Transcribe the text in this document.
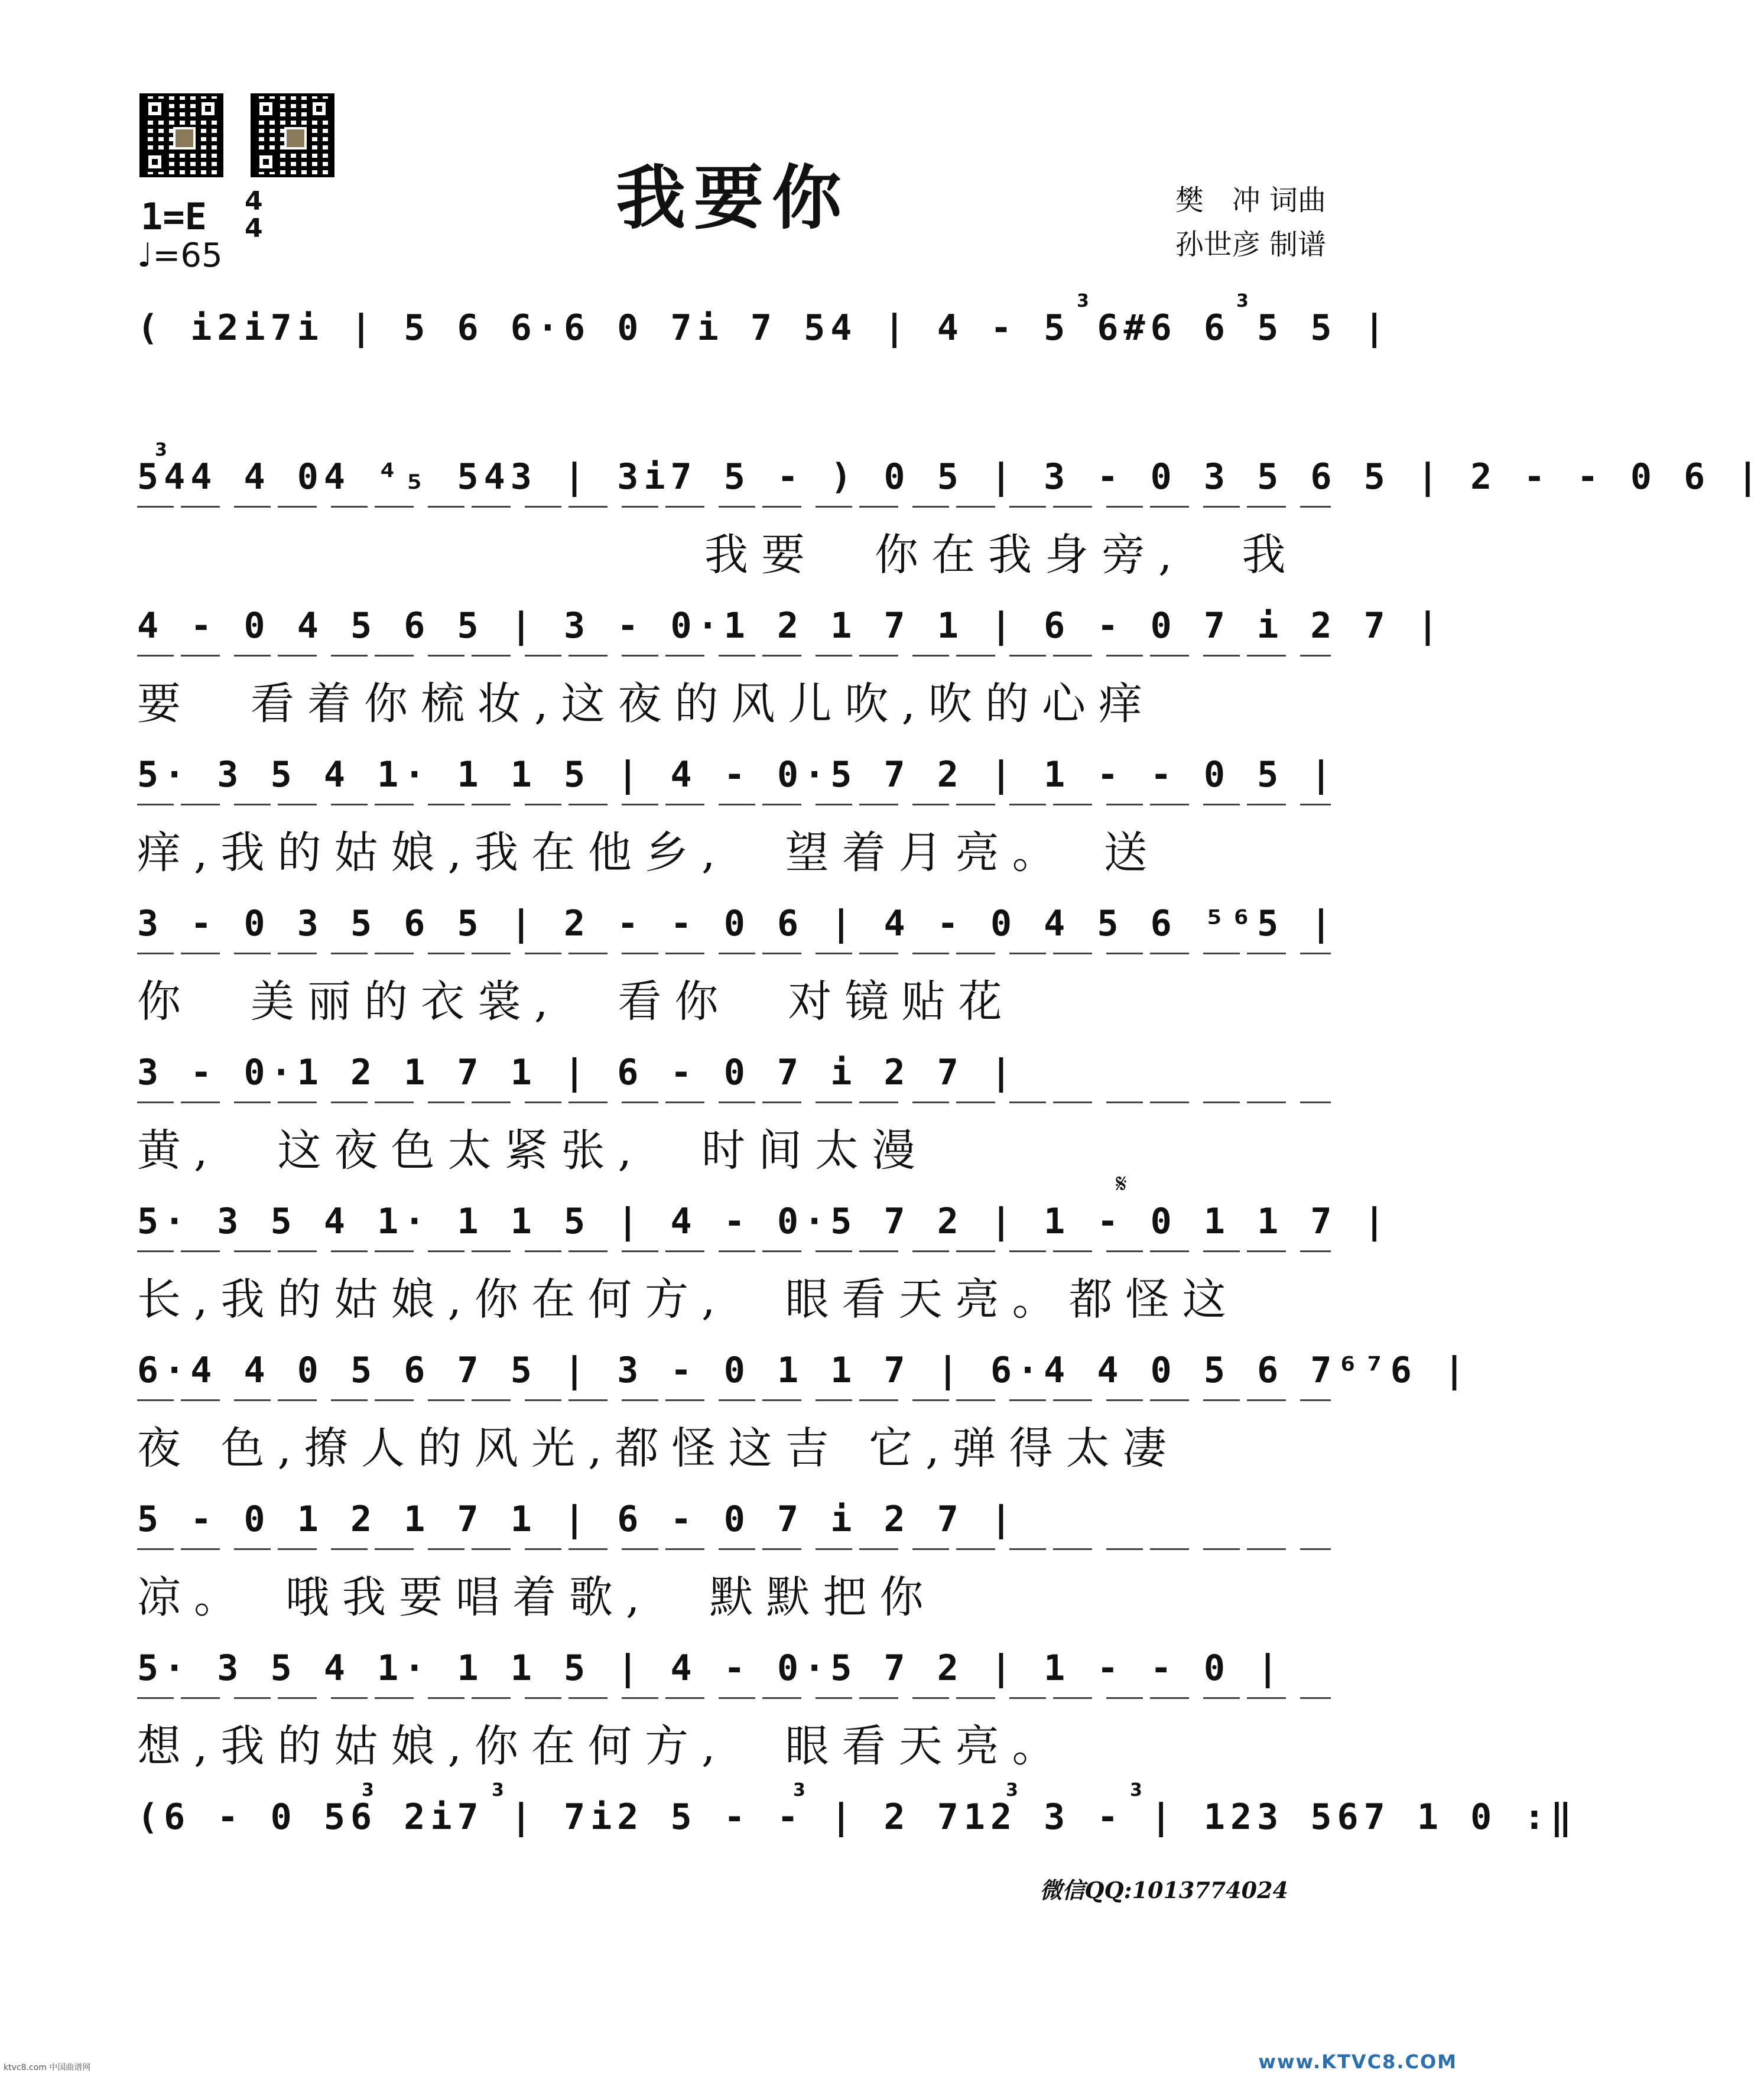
我要你	樊　冲 词曲
孙世彦 制谱
1=E 4
4
♩=65
3	3
( i2i7i | 5 6 6·6 0 7i 7 54 | 4 - 5 6#6 6 5 5 |
3
544 4 04 ⁴₅ 543 | 3i7 5 - ) 0 5 | 3 - 0 3 5 6 5 | 2 - - 0 6 |
　　　　　　　　　　我要　你在我身旁,　我
4 - 0 4 5 6 5 | 3 - 0·1 2 1 7 1 | 6 - 0 7 i 2 7 |
要　看着你梳妆,这夜的风儿吹,吹的心痒
5· 3 5 4 1· 1 1 5 | 4 - 0·5 7 2 | 1 - - 0 5 |
痒,我的姑娘,我在他乡,　望着月亮。　送
3 - 0 3 5 6 5 | 2 - - 0 6 | 4 - 0 4 5 6 ⁵⁶5 |
你　美丽的衣裳,　看你　对镜贴花
3 - 0·1 2 1 7 1 | 6 - 0 7 i 2 7 |
黄,　这夜色太紧张,　时间太漫
𝄋
5· 3 5 4 1· 1 1 5 | 4 - 0·5 7 2 | 1 - 0 1 1 7 |
长,我的姑娘,你在何方,　眼看天亮。都怪这
6·4 4 0 5 6 7 5 | 3 - 0 1 1 7 | 6·4 4 0 5 6 7⁶⁷6 |
夜 色,撩人的风光,都怪这吉 它,弹得太凄
5 - 0 1 2 1 7 1 | 6 - 0 7 i 2 7 |
凉。　哦我要唱着歌,　默默把你
5· 3 5 4 1· 1 1 5 | 4 - 0·5 7 2 | 1 - - 0 |
想,我的姑娘,你在何方,　眼看天亮。
3	3	3	3	3
(6 - 0 56 2i7 | 7i2 5 - - | 2 712 3 - | 123 567 1 0 :‖
微信QQ:1013774024
ktvc8.com 中国曲谱网	www.KTVC8.COM
